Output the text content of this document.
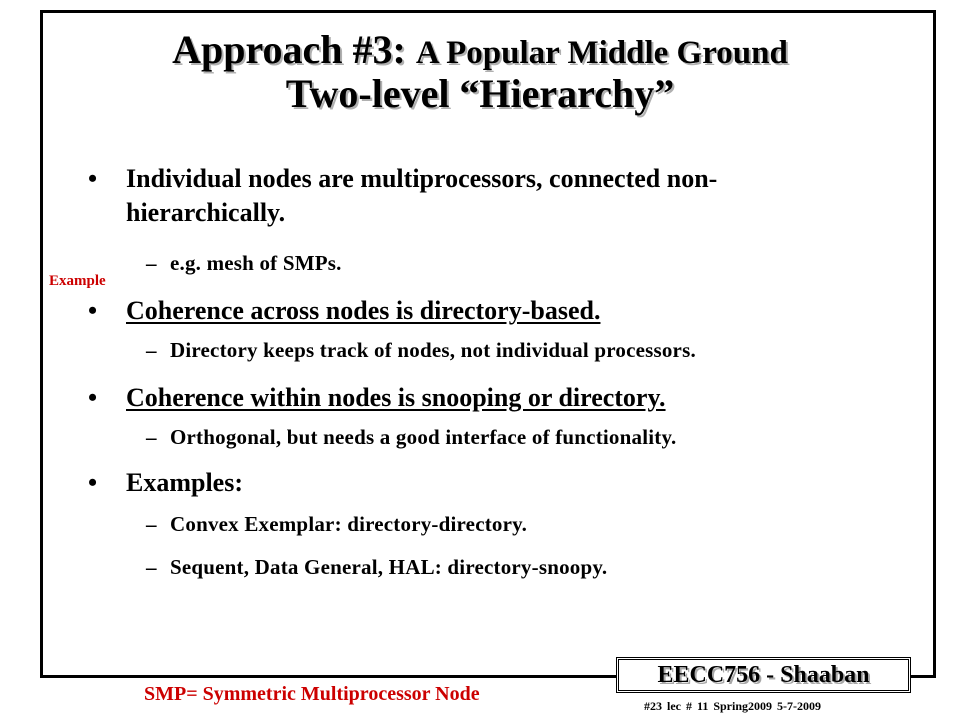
Approach #3: A Popular Middle Ground
Two-level “Hierarchy”
• Individual nodes are multiprocessors, connected non-
hierarchically.
– e.g. mesh of SMPs.
Example
• Coherence across nodes is directory-based.
– Directory keeps track of nodes, not individual processors.
• Coherence within nodes is snooping or directory.
– Orthogonal, but needs a good interface of functionality.
• Examples:
– Convex Exemplar: directory-directory.
– Sequent, Data General, HAL: directory-snoopy.
SMP= Symmetric Multiprocessor Node
EECC756 - Shaaban
#23 lec # 11 Spring2009 5-7-2009
